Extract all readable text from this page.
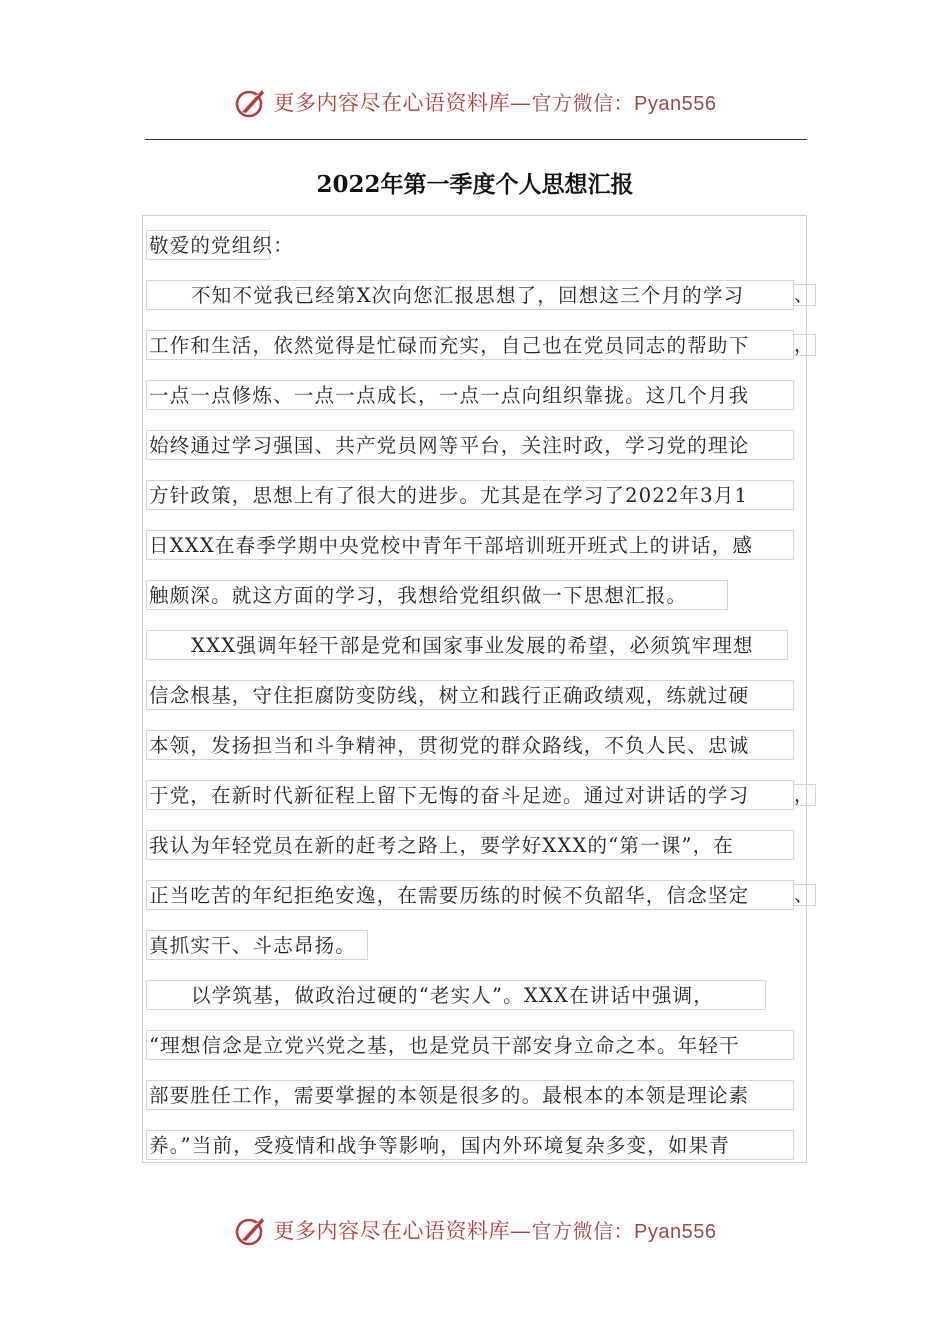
更多内容尽在心语资料库—官方微信：Pyan556
2022年第一季度个人思想汇报
敬爱的党组织：
不知不觉我已经第X次向您汇报思想了，回想这三个月的学习	、
工作和生活，依然觉得是忙碌而充实，自己也在党员同志的帮助下	，
一点一点修炼、一点一点成长，一点一点向组织靠拢。这几个月我
始终通过学习强国、共产党员网等平台，关注时政，学习党的理论
方针政策，思想上有了很大的进步。尤其是在学习了2022年3月1
日XXX在春季学期中央党校中青年干部培训班开班式上的讲话，感
触颇深。就这方面的学习，我想给党组织做一下思想汇报。
XXX强调年轻干部是党和国家事业发展的希望，必须筑牢理想
信念根基，守住拒腐防变防线，树立和践行正确政绩观，练就过硬
本领，发扬担当和斗争精神，贯彻党的群众路线，不负人民、忠诚
于党，在新时代新征程上留下无悔的奋斗足迹。通过对讲话的学习	，
我认为年轻党员在新的赶考之路上，要学好XXX的“第一课”，在
正当吃苦的年纪拒绝安逸，在需要历练的时候不负韶华，信念坚定	、
真抓实干、斗志昂扬。
以学筑基，做政治过硬的“老实人”。XXX在讲话中强调，
“理想信念是立党兴党之基，也是党员干部安身立命之本。年轻干
部要胜任工作，需要掌握的本领是很多的。最根本的本领是理论素
养。”当前，受疫情和战争等影响，国内外环境复杂多变，如果青
更多内容尽在心语资料库—官方微信：Pyan556
